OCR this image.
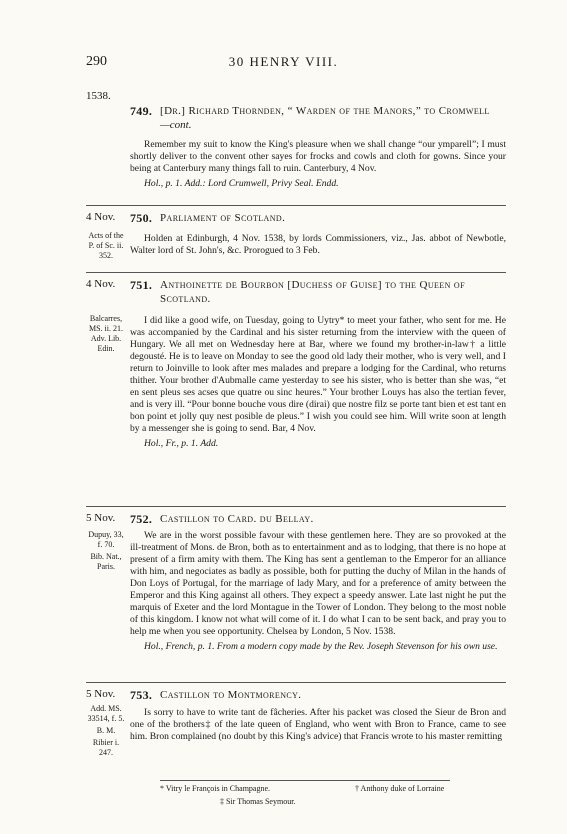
290	30 HENRY VIII.
1538.
749. [Dr.] Richard Thornden, “ Warden of the Manors,” to Cromwell
—cont.

Remember my suit to know the King's pleasure when we shall change “our ymparell”; I must shortly deliver to the convent other sayes for frocks and cowls and cloth for gowns. Since your being at Canterbury many things fall to ruin. Canterbury, 4 Nov.

Hol., p. 1. Add.: Lord Crumwell, Privy Seal. Endd.
4 Nov. 750. Parliament of Scotland.
Acts of the P. of Sc. ii. 352.

Holden at Edinburgh, 4 Nov. 1538, by lords Commissioners, viz., Jas. abbot of Newbotle, Walter lord of St. John's, &c. Prorogued to 3 Feb.

4 Nov. 751. Anthoinette de Bourbon [Duchess of Guise] to the Queen of Scotland.
Balcarres, MS. ii. 21. Adv. Lib. Edin.

I did like a good wife, on Tuesday, going to Uytry* to meet your father, who sent for me. He was accompanied by the Cardinal and his sister returning from the interview with the queen of Hungary. We all met on Wednesday here at Bar, where we found my brother-in-law† a little degousté. He is to leave on Monday to see the good old lady their mother, who is very well, and I return to Joinville to look after mes malades and prepare a lodging for the Cardinal, who returns thither. Your brother d'Aubmalle came yesterday to see his sister, who is better than she was, “et en sent pleus ses acses que quatre ou sinc heures.” Your brother Louys has also the tertian fever, and is very ill. “Pour bonne bouche vous dire (dirai) que nostre filz se porte tant bien et est tant en bon point et jolly quy nest posible de pleus.” I wish you could see him. Will write soon at length by a messenger she is going to send. Bar, 4 Nov.

Hol., Fr., p. 1. Add.
5 Nov. 752. Castillon to Card. du Bellay.
Dupuy, 33, f. 70.
Bib. Nat., Paris.

We are in the worst possible favour with these gentlemen here. They are so provoked at the ill-treatment of Mons. de Bron, both as to entertainment and as to lodging, that there is no hope at present of a firm amity with them. The King has sent a gentleman to the Emperor for an alliance with him, and negociates as badly as possible, both for putting the duchy of Milan in the hands of Don Loys of Portugal, for the marriage of lady Mary, and for a preference of amity between the Emperor and this King against all others. They expect a speedy answer. Late last night he put the marquis of Exeter and the lord Montague in the Tower of London. They belong to the most noble of this kingdom. I know not what will come of it. I do what I can to be sent back, and pray you to help me when you see opportunity. Chelsea by London, 5 Nov. 1538.

Hol., French, p. 1. From a modern copy made by the Rev. Joseph Stevenson for his own use.
5 Nov. 753. Castillon to Montmorency.
Add. MS. 33514, f. 5.
B. M.
Ribier i. 247.

Is sorry to have to write tant de fâcheries. After his packet was closed the Sieur de Bron and one of the brothers‡ of the late queen of England, who went with Bron to France, came to see him. Bron complained (no doubt by this King's advice) that Francis wrote to his master remitting

* Vitry le François in Champagne.	† Anthony duke of Lorraine
‡ Sir Thomas Seymour.
